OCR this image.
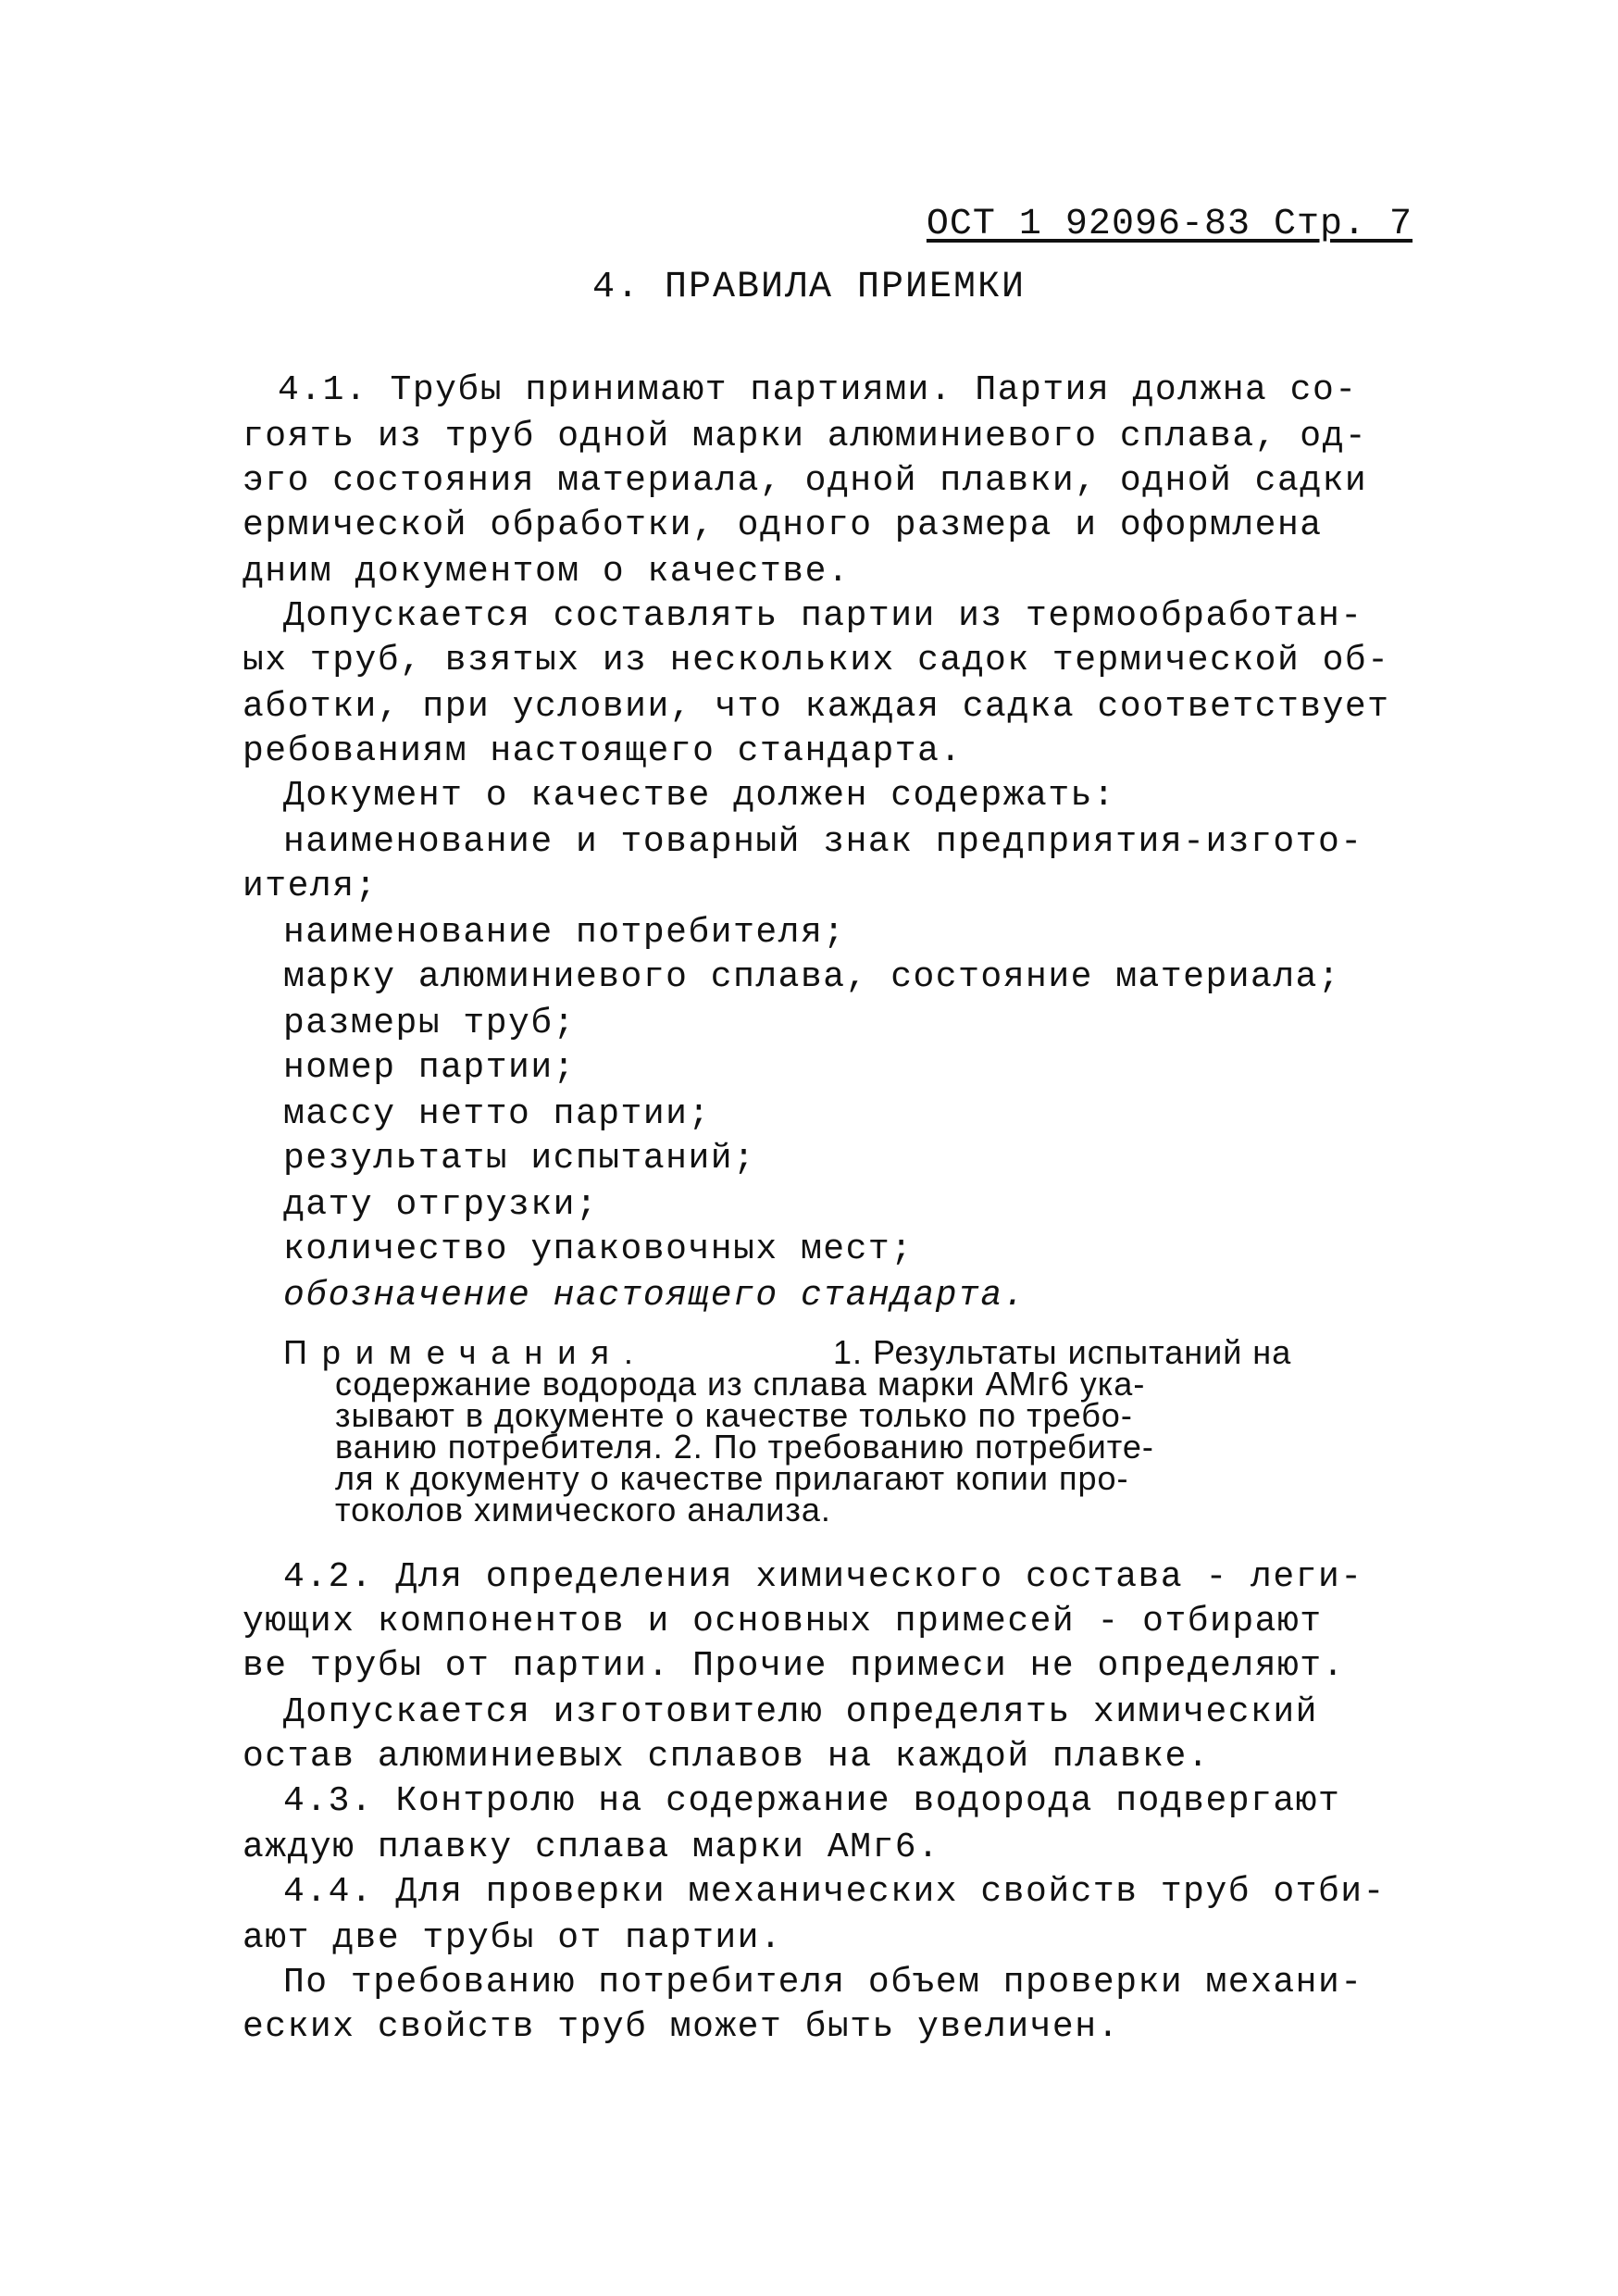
ОСТ 1 92096-83 Стр. 7
4. ПРАВИЛА ПРИЕМКИ
4.1. Трубы принимают партиями. Партия должна со-
гоять из труб одной марки алюминиевого сплава, од-
эго состояния материала, одной плавки, одной садки
ермической обработки, одного размера и оформлена
дним документом о качестве.
Допускается составлять партии из термообработан-
ых труб, взятых из нескольких садок термической об-
аботки, при условии, что каждая садка соответствует
ребованиям настоящего стандарта.
Документ о качестве должен содержать:
наименование и товарный знак предприятия-изгото-
ителя;
наименование потребителя;
марку алюминиевого сплава, состояние материала;
размеры труб;
номер партии;
массу нетто партии;
результаты испытаний;
дату отгрузки;
количество упаковочных мест;
обозначение настоящего стандарта.
Примечания.	1. Результаты испытаний на
содержание водорода из сплава марки АМг6 ука-
зывают в документе о качестве только по требо-
ванию потребителя. 2. По требованию потребите-
ля к документу о качестве прилагают копии про-
токолов химического анализа.
4.2. Для определения химического состава - леги-
ующих компонентов и основных примесей - отбирают
ве трубы от партии. Прочие примеси не определяют.
Допускается изготовителю определять химический
остав алюминиевых сплавов на каждой плавке.
4.3. Контролю на содержание водорода подвергают
аждую плавку сплава марки АМг6.
4.4. Для проверки механических свойств труб отби-
ают две трубы от партии.
По требованию потребителя объем проверки механи-
еских свойств труб может быть увеличен.
